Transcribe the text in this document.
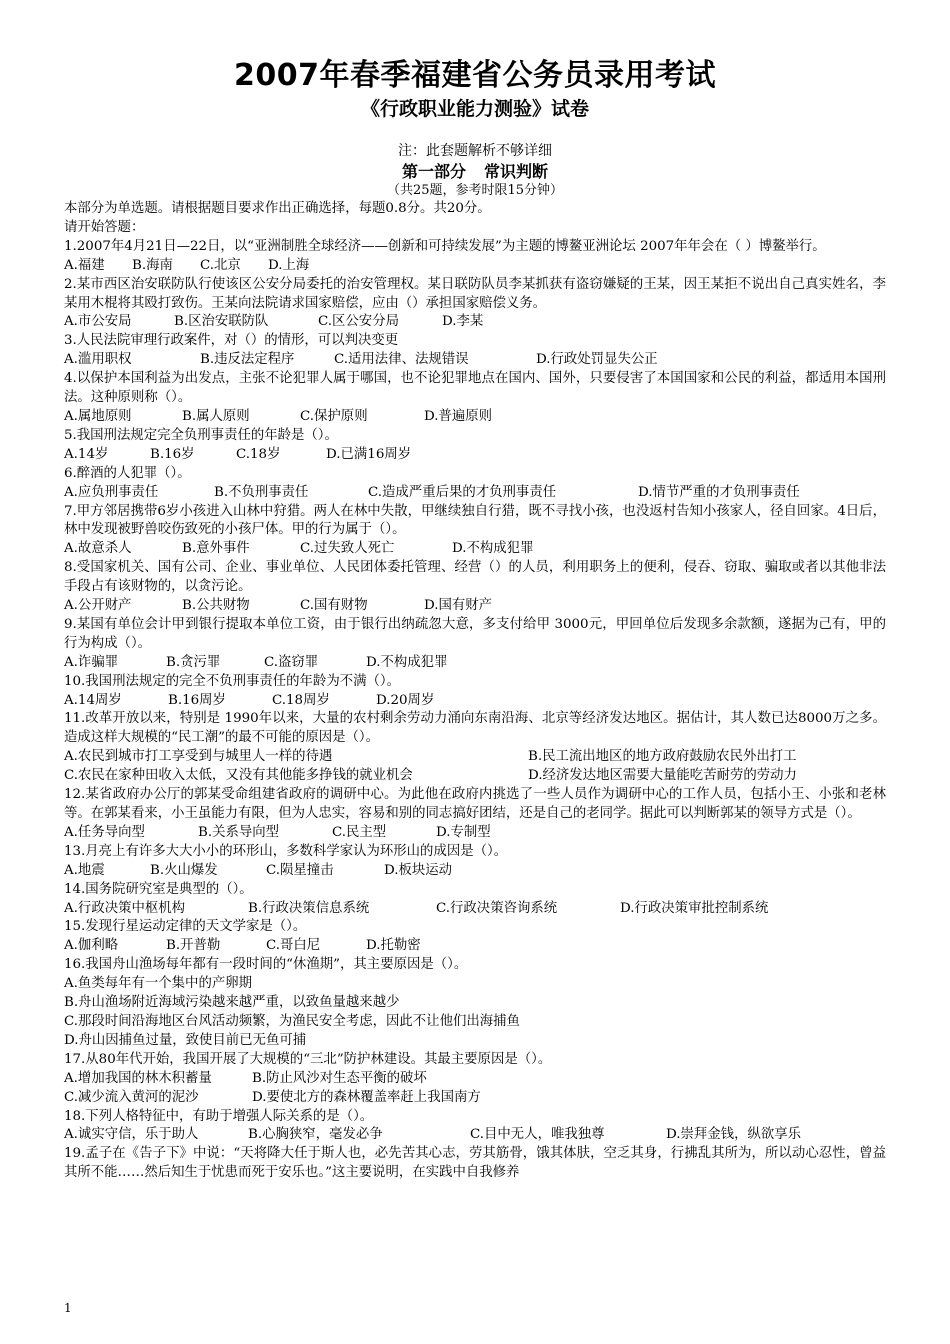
2007年春季福建省公务员录用考试
《行政职业能力测验》试卷
注：此套题解析不够详细
第一部分 常识判断
（共25题，参考时限15分钟）
本部分为单选题。请根据题目要求作出正确选择，每题0.8分。共20分。
请开始答题：
1.2007年4月21日—22日，以“亚洲制胜全球经济——创新和可持续发展”为主题的博鳌亚洲论坛 2007年年会在（ ）博鳌举行。
A.福建 B.海南 C.北京 D.上海
2.某市西区治安联防队行使该区公安分局委托的治安管理权。某日联防队员李某抓获有盗窃嫌疑的王某，因王某拒不说出自己真实姓名，李某用木棍将其殴打致伤。王某向法院请求国家赔偿，应由（）承担国家赔偿义务。
A.市公安局	B.区治安联防队	C.区公安分局	D.李某
3.人民法院审理行政案件，对（）的情形，可以判决变更
A.滥用职权	B.违反法定程序	C.适用法律、法规错误	D.行政处罚显失公正
4.以保护本国利益为出发点，主张不论犯罪人属于哪国，也不论犯罪地点在国内、国外，只要侵害了本国国家和公民的利益，都适用本国刑法。这种原则称（）。
A.属地原则	B.属人原则	C.保护原则	D.普遍原则
5.我国刑法规定完全负刑事责任的年龄是（）。
A.14岁	B.16岁	C.18岁	D.已满16周岁
6.醉酒的人犯罪（）。
A.应负刑事责任	B.不负刑事责任	C.造成严重后果的才负刑事责任	D.情节严重的才负刑事责任
7.甲方邻居携带6岁小孩进入山林中狩猎。两人在林中失散，甲继续独自行猎，既不寻找小孩，也没返村告知小孩家人，径自回家。4日后，林中发现被野兽咬伤致死的小孩尸体。甲的行为属于（）。
A.故意杀人	B.意外事件	C.过失致人死亡	D.不构成犯罪
8.受国家机关、国有公司、企业、事业单位、人民团体委托管理、经营（）的人员，利用职务上的便利，侵吞、窃取、骗取或者以其他非法手段占有该财物的，以贪污论。
A.公开财产	B.公共财物	C.国有财物	D.国有财产
9.某国有单位会计甲到银行提取本单位工资，由于银行出纳疏忽大意，多支付给甲 3000元，甲回单位后发现多余款额，遂据为己有，甲的行为构成（）。
A.诈骗罪	B.贪污罪	C.盗窃罪	D.不构成犯罪
10.我国刑法规定的完全不负刑事责任的年龄为不满（）。
A.14周岁	B.16周岁	C.18周岁	D.20周岁
11.改革开放以来，特别是 1990年以来，大量的农村剩余劳动力涌向东南沿海、北京等经济发达地区。据估计，其人数已达8000万之多。造成这样大规模的“民工潮”的最不可能的原因是（）。
A.农民到城市打工享受到与城里人一样的待遇	B.民工流出地区的地方政府鼓励农民外出打工
C.农民在家种田收入太低，又没有其他能多挣钱的就业机会	D.经济发达地区需要大量能吃苦耐劳的劳动力
12.某省政府办公厅的郭某受命组建省政府的调研中心。为此他在政府内挑选了一些人员作为调研中心的工作人员，包括小王、小张和老林等。在郭某看来，小王虽能力有限，但为人忠实，容易和别的同志搞好团结，还是自己的老同学。据此可以判断郭某的领导方式是（）。
A.任务导向型	B.关系导向型	C.民主型	D.专制型
13.月亮上有许多大大小小的环形山，多数科学家认为环形山的成因是（）。
A.地震	B.火山爆发	C.陨星撞击	D.板块运动
14.国务院研究室是典型的（）。
A.行政决策中枢机构	B.行政决策信息系统	C.行政决策咨询系统	D.行政决策审批控制系统
15.发现行星运动定律的天文学家是（）。
A.伽利略	B.开普勒	C.哥白尼	D.托勒密
16.我国舟山渔场每年都有一段时间的“休渔期”，其主要原因是（）。
A.鱼类每年有一个集中的产卵期
B.舟山渔场附近海域污染越来越严重，以致鱼量越来越少
C.那段时间沿海地区台风活动频繁，为渔民安全考虑，因此不让他们出海捕鱼
D.舟山因捕鱼过量，致使目前已无鱼可捕
17.从80年代开始，我国开展了大规模的“三北”防护林建设。其最主要原因是（）。
A.增加我国的林木积蓄量	B.防止风沙对生态平衡的破坏
C.减少流入黄河的泥沙	D.要使北方的森林覆盖率赶上我国南方
18.下列人格特征中，有助于增强人际关系的是（）。
A.诚实守信，乐于助人	B.心胸狭窄，毫发必争	C.目中无人，唯我独尊	D.崇拜金钱，纵欲享乐
19.孟子在《告子下》中说：“天将降大任于斯人也，必先苦其心志，劳其筋骨，饿其体肤，空乏其身，行拂乱其所为，所以动心忍性，曾益其所不能……然后知生于忧患而死于安乐也。”这主要说明，在实践中自我修养
1
